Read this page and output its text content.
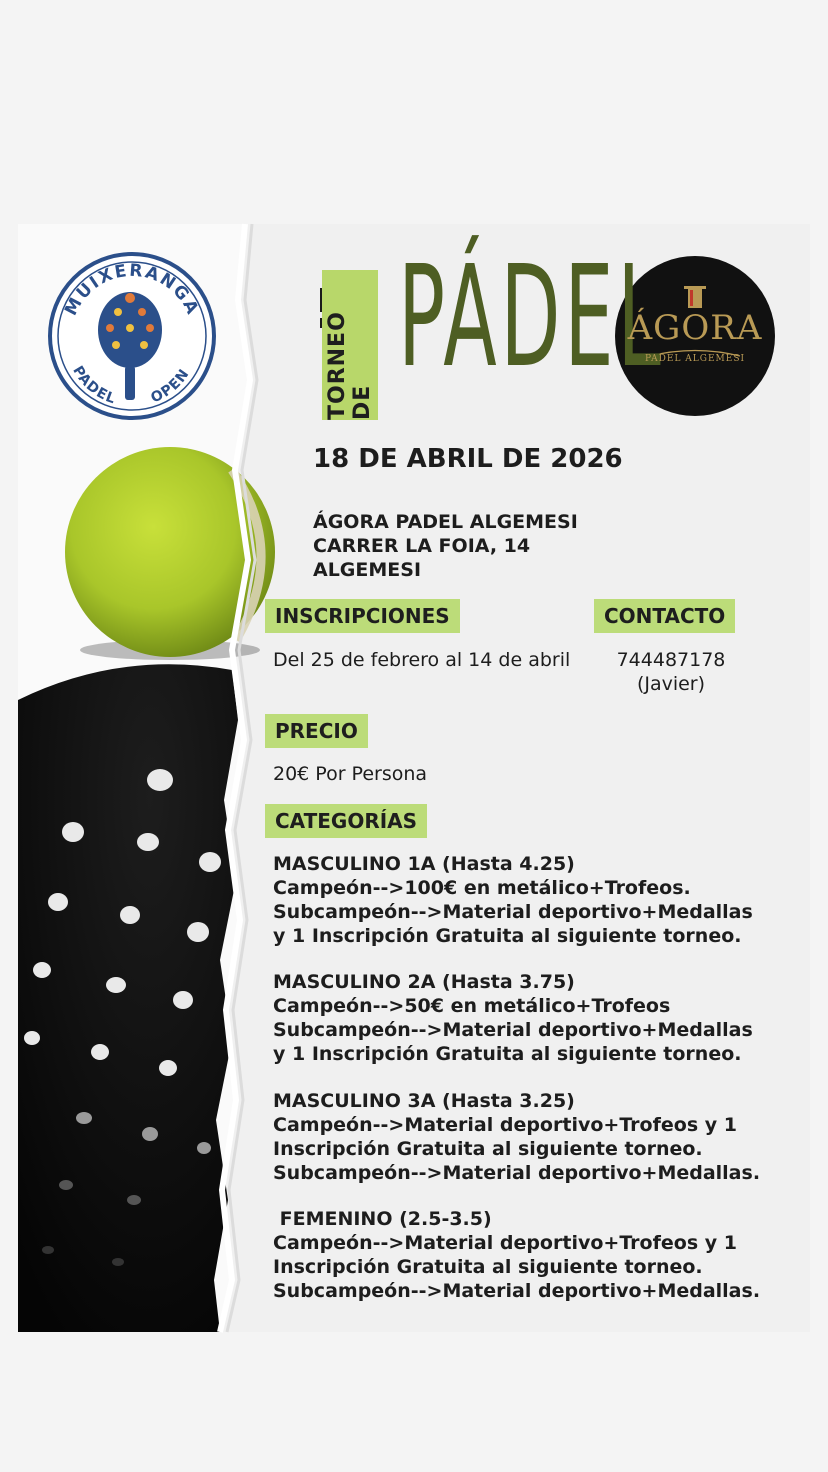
MUIXERANGA
PADEL OPEN	TORNEO DE
PÁDEL
ÁGORA
PADEL ALGEMESI
18 DE ABRIL DE 2026
ÁGORA PADEL ALGEMESI
CARRER LA FOIA, 14
ALGEMESI
INSCRIPCIONES	CONTACTO
Del 25 de febrero al 14 de abril	744487178
(Javier)
PRECIO
20€ Por Persona
CATEGORÍAS
MASCULINO 1A (Hasta 4.25)
Campeón-->100€ en metálico+Trofeos.
Subcampeón-->Material deportivo+Medallas
y 1 Inscripción Gratuita al siguiente torneo.
MASCULINO 2A (Hasta 3.75)
Campeón-->50€ en metálico+Trofeos
Subcampeón-->Material deportivo+Medallas
y 1 Inscripción Gratuita al siguiente torneo.
MASCULINO 3A (Hasta 3.25)
Campeón-->Material deportivo+Trofeos y 1
Inscripción Gratuita al siguiente torneo.
Subcampeón-->Material deportivo+Medallas.
FEMENINO (2.5-3.5)
Campeón-->Material deportivo+Trofeos y 1
Inscripción Gratuita al siguiente torneo.
Subcampeón-->Material deportivo+Medallas.
